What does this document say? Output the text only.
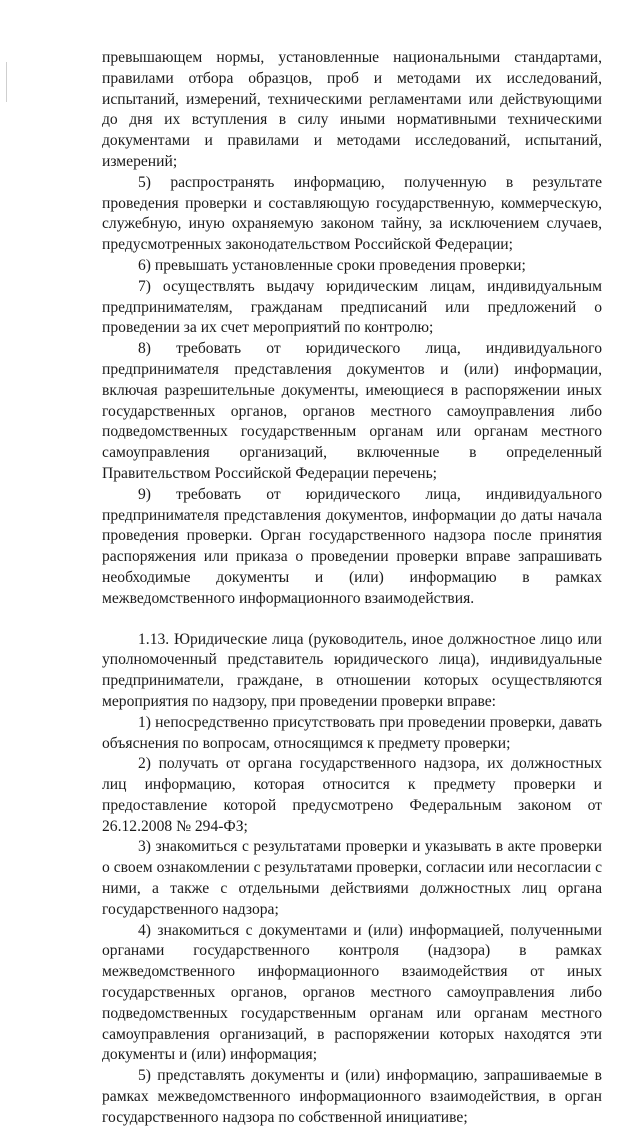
превышающем нормы, установленные национальными стандартами, правилами отбора образцов, проб и методами их исследований, испытаний, измерений, техническими регламентами или действующими до дня их вступления в силу иными нормативными техническими документами и правилами и методами исследований, испытаний, измерений;

5) распространять информацию, полученную в результате проведения проверки и составляющую государственную, коммерческую, служебную, иную охраняемую законом тайну, за исключением случаев, предусмотренных законодательством Российской Федерации;

6) превышать установленные сроки проведения проверки;

7) осуществлять выдачу юридическим лицам, индивидуальным предпринимателям, гражданам предписаний или предложений о проведении за их счет мероприятий по контролю;

8) требовать от юридического лица, индивидуального предпринимателя представления документов и (или) информации, включая разрешительные документы, имеющиеся в распоряжении иных государственных органов, органов местного самоуправления либо подведомственных государственным органам или органам местного самоуправления организаций, включенные в определенный Правительством Российской Федерации перечень;

9) требовать от юридического лица, индивидуального предпринимателя представления документов, информации до даты начала проведения проверки. Орган государственного надзора после принятия распоряжения или приказа о проведении проверки вправе запрашивать необходимые документы и (или) информацию в рамках межведомственного информационного взаимодействия.

1.13. Юридические лица (руководитель, иное должностное лицо или уполномоченный представитель юридического лица), индивидуальные предприниматели, граждане, в отношении которых осуществляются мероприятия по надзору, при проведении проверки вправе:

1) непосредственно присутствовать при проведении проверки, давать объяснения по вопросам, относящимся к предмету проверки;

2) получать от органа государственного надзора, их должностных лиц информацию, которая относится к предмету проверки и предоставление которой предусмотрено Федеральным законом от 26.12.2008 № 294-ФЗ;

3) знакомиться с результатами проверки и указывать в акте проверки о своем ознакомлении с результатами проверки, согласии или несогласии с ними, а также с отдельными действиями должностных лиц органа государственного надзора;

4) знакомиться с документами и (или) информацией, полученными органами государственного контроля (надзора) в рамках межведомственного информационного взаимодействия от иных государственных органов, органов местного самоуправления либо подведомственных государственным органам или органам местного самоуправления организаций, в распоряжении которых находятся эти документы и (или) информация;

5) представлять документы и (или) информацию, запрашиваемые в рамках межведомственного информационного взаимодействия, в орган государственного надзора по собственной инициативе;
